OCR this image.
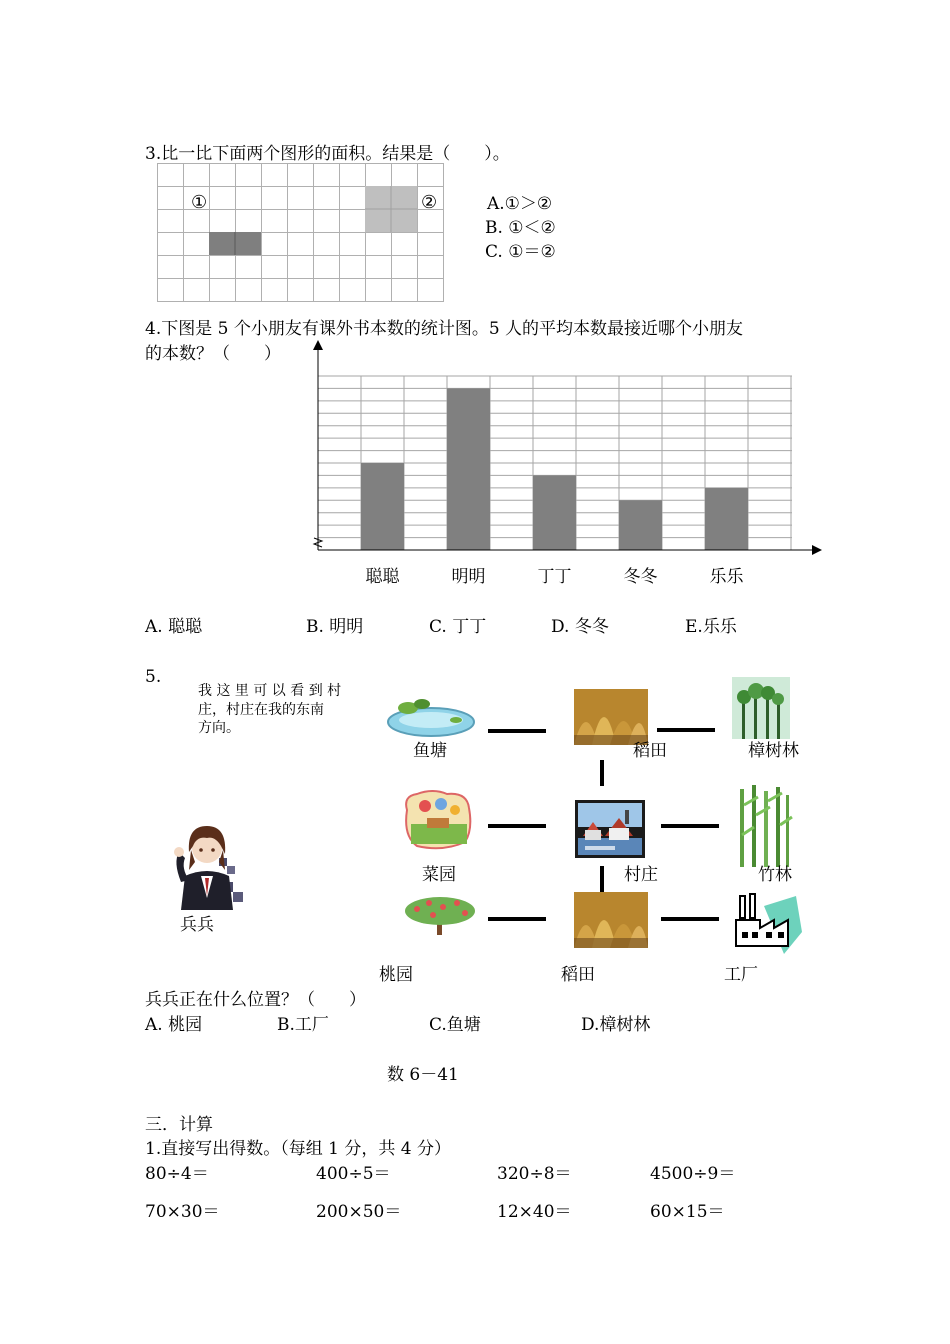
3.比一比下面两个图形的面积。结果是（　　）。
①	②	A.①＞②
B. ①＜②
C. ①＝②
4.下图是 5 个小朋友有课外书本数的统计图。5 人的平均本数最接近哪个小朋友
的本数？（　　）
聪聪	明明	丁丁	冬冬	乐乐
A. 聪聪	B. 明明	C. 丁丁	D. 冬冬	E.乐乐
5.
我 这 里 可 以 看 到 村
庄，村庄在我的东南
方向。
兵兵
鱼塘	稻田	樟树林
菜园	村庄	竹林
桃园	稻田	工厂
兵兵正在什么位置？（　　）
A. 桃园	B.工厂	C.鱼塘	D.樟树林
数 6－41
三．计算
1.直接写出得数。（每组 1 分，共 4 分）
80÷4＝	400÷5＝	320÷8＝	4500÷9＝
70×30＝	200×50＝	12×40＝	60×15＝
